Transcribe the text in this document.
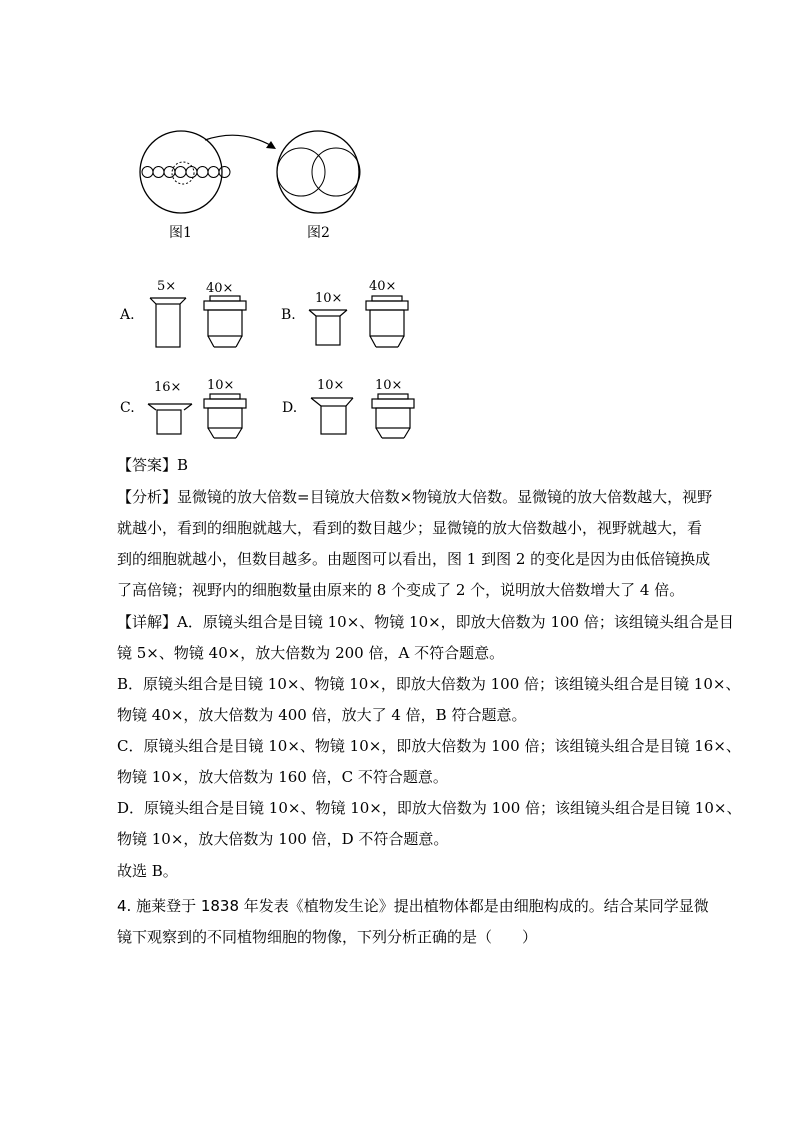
图1	图2
A.
5× 40×
B.
10×
40×
C.
16× 10×
D.
10× 10×
【答案】B
【分析】显微镜的放大倍数=目镜放大倍数×物镜放大倍数。显微镜的放大倍数越大，视野
就越小，看到的细胞就越大，看到的数目越少；显微镜的放大倍数越小，视野就越大，看
到的细胞就越小，但数目越多。由题图可以看出，图 1 到图 2 的变化是因为由低倍镜换成
了高倍镜；视野内的细胞数量由原来的 8 个变成了 2 个，说明放大倍数增大了 4 倍。
【详解】A．原镜头组合是目镜 10×、物镜 10×，即放大倍数为 100 倍；该组镜头组合是目
镜 5×、物镜 40×，放大倍数为 200 倍，A 不符合题意。
B．原镜头组合是目镜 10×、物镜 10×，即放大倍数为 100 倍；该组镜头组合是目镜 10×、
物镜 40×，放大倍数为 400 倍，放大了 4 倍，B 符合题意。
C．原镜头组合是目镜 10×、物镜 10×，即放大倍数为 100 倍；该组镜头组合是目镜 16×、
物镜 10×，放大倍数为 160 倍，C 不符合题意。
D．原镜头组合是目镜 10×、物镜 10×，即放大倍数为 100 倍；该组镜头组合是目镜 10×、
物镜 10×，放大倍数为 100 倍，D 不符合题意。
故选 B。
4. 施莱登于 1838 年发表《植物发生论》提出植物体都是由细胞构成的。结合某同学显微
镜下观察到的不同植物细胞的物像，下列分析正确的是（　　）
